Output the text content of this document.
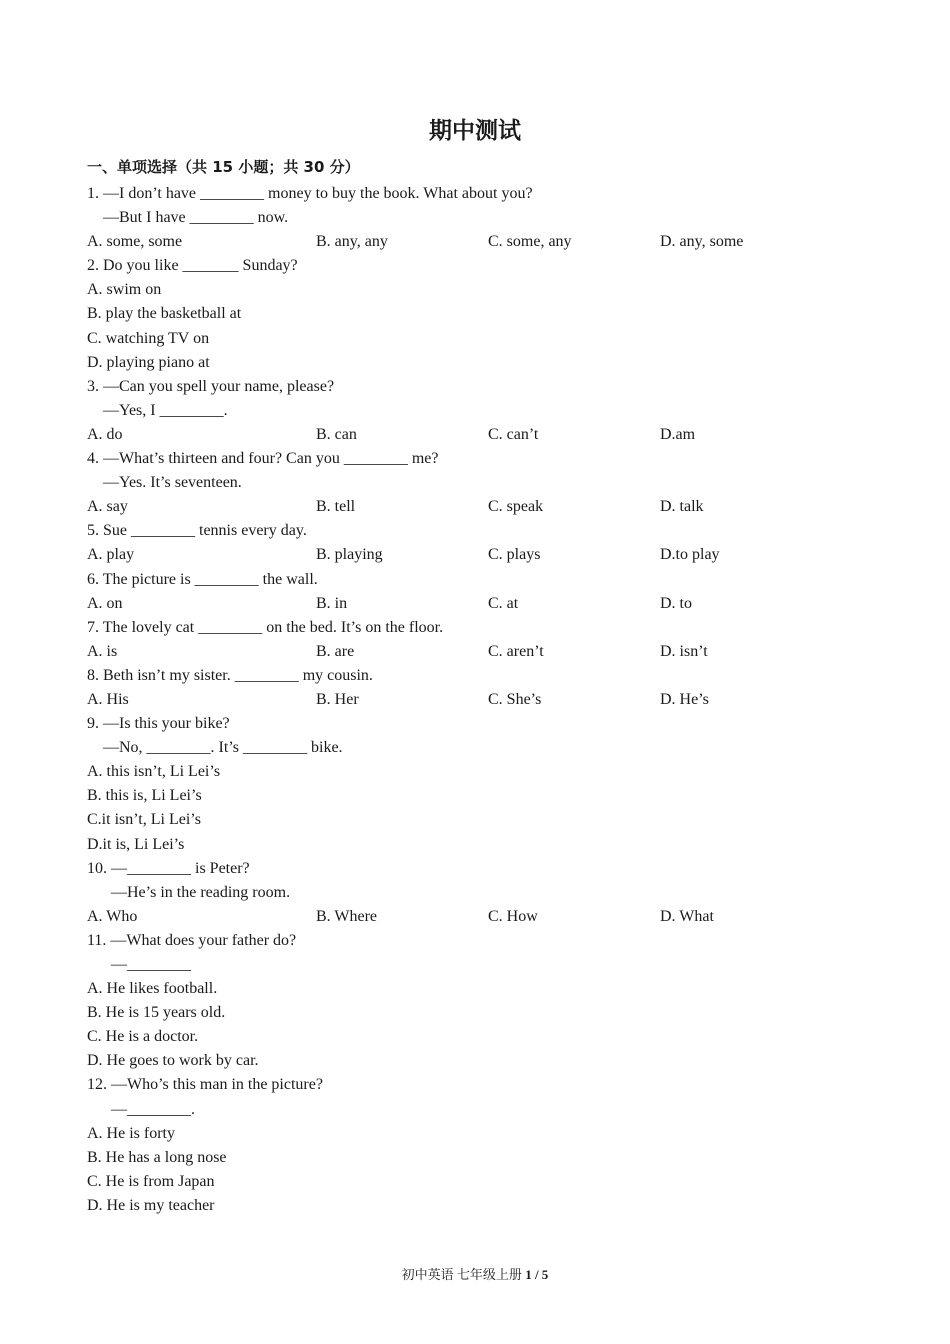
期中测试
一、单项选择（共 15 小题；共 30 分）
1. —I don’t have ________ money to buy the book. What about you?
—But I have ________ now.
A. some, some	B. any, any	C. some, any	D. any, some
2. Do you like _______ Sunday?
A. swim on
B. play the basketball at
C. watching TV on
D. playing piano at
3. —Can you spell your name, please?
—Yes, I ________.
A. do	B. can	C. can’t	D.am
4. —What’s thirteen and four? Can you ________ me?
—Yes. It’s seventeen.
A. say	B. tell	C. speak	D. talk
5. Sue ________ tennis every day.
A. play	B. playing	C. plays	D.to play
6. The picture is ________ the wall.
A. on	B. in	C. at	D. to
7. The lovely cat ________ on the bed. It’s on the floor.
A. is	B. are	C. aren’t	D. isn’t
8. Beth isn’t my sister. ________ my cousin.
A. His	B. Her	C. She’s	D. He’s
9. —Is this your bike?
—No, ________. It’s ________ bike.
A. this isn’t, Li Lei’s
B. this is, Li Lei’s
C.it isn’t, Li Lei’s
D.it is, Li Lei’s
10. —________ is Peter?
—He’s in the reading room.
A. Who	B. Where	C. How	D. What
11. —What does your father do?
—________
A. He likes football.
B. He is 15 years old.
C. He is a doctor.
D. He goes to work by car.
12. —Who’s this man in the picture?
—________.
A. He is forty
B. He has a long nose
C. He is from Japan
D. He is my teacher
初中英语 七年级上册 1 / 5
